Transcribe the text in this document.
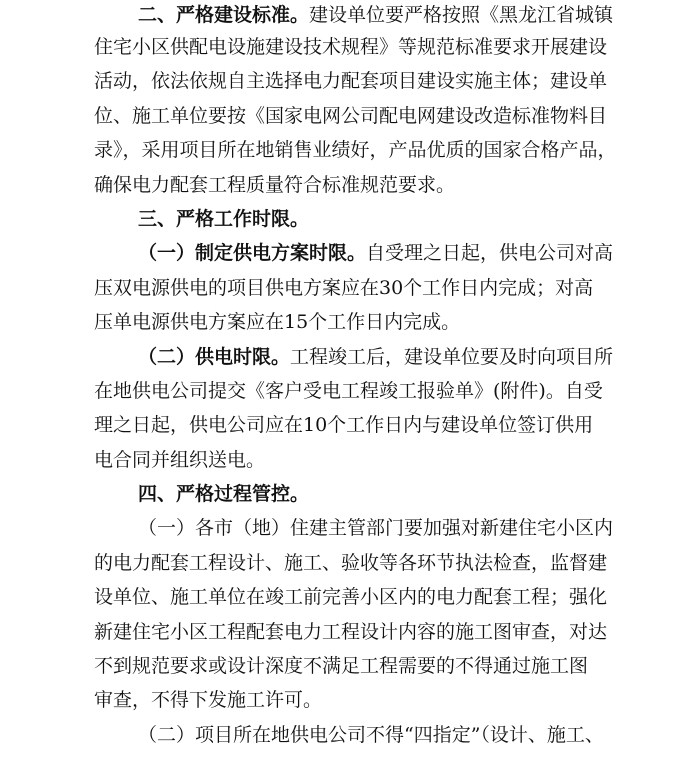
二、严格建设标准。建设单位要严格按照《黑龙江省城镇
住宅小区供配电设施建设技术规程》等规范标准要求开展建设
活动，依法依规自主选择电力配套项目建设实施主体；建设单
位、施工单位要按《国家电网公司配电网建设改造标准物料目
录》，采用项目所在地销售业绩好，产品优质的国家合格产品，
确保电力配套工程质量符合标准规范要求。
三、严格工作时限。
（一）制定供电方案时限。自受理之日起，供电公司对高
压双电源供电的项目供电方案应在30个工作日内完成；对高
压单电源供电方案应在15个工作日内完成。
（二）供电时限。工程竣工后，建设单位要及时向项目所
在地供电公司提交《客户受电工程竣工报验单》(附件)。自受
理之日起，供电公司应在10个工作日内与建设单位签订供用
电合同并组织送电。
四、严格过程管控。
（一）各市（地）住建主管部门要加强对新建住宅小区内
的电力配套工程设计、施工、验收等各环节执法检查，监督建
设单位、施工单位在竣工前完善小区内的电力配套工程；强化
新建住宅小区工程配套电力工程设计内容的施工图审查，对达
不到规范要求或设计深度不满足工程需要的不得通过施工图
审查，不得下发施工许可。
（二）项目所在地供电公司不得“四指定”（设计、施工、
